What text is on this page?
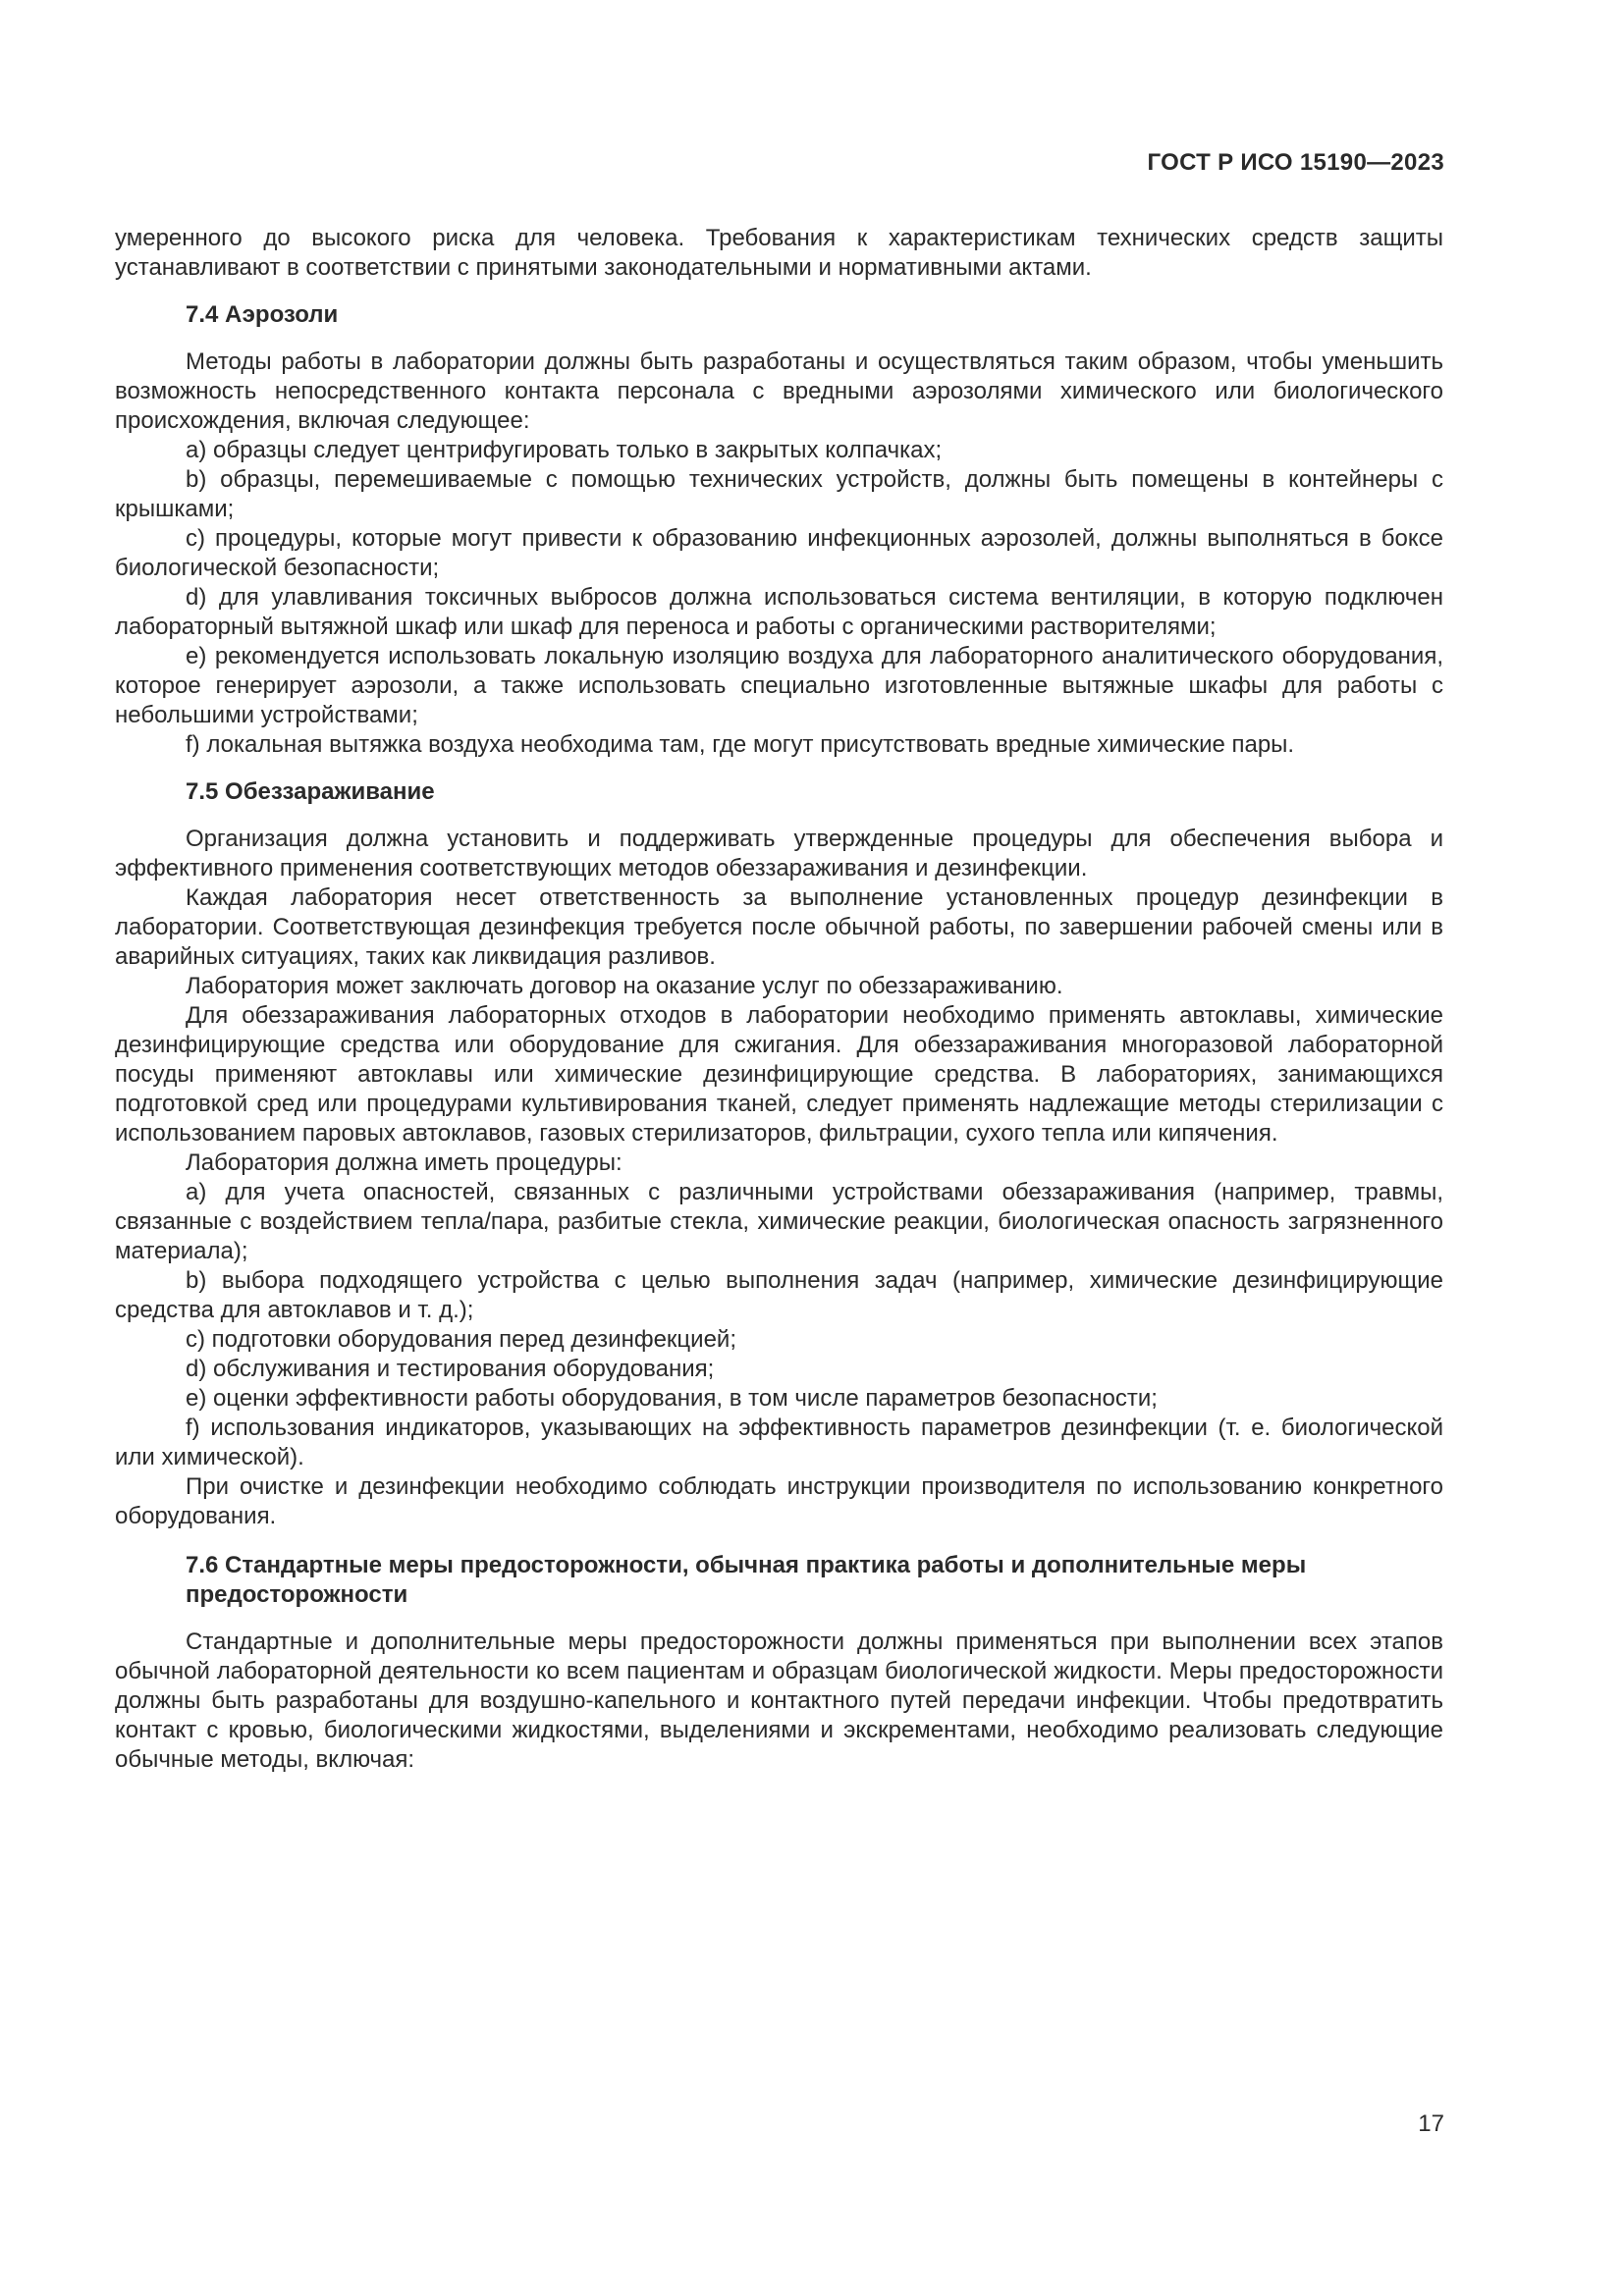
ГОСТ Р ИСО 15190—2023

умеренного до высокого риска для человека. Требования к характеристикам технических средств защиты устанавливают в соответствии с принятыми законодательными и нормативными актами.

7.4 Аэрозоли

Методы работы в лаборатории должны быть разработаны и осуществляться таким образом, чтобы уменьшить возможность непосредственного контакта персонала с вредными аэрозолями химического или биологического происхождения, включая следующее:

a) образцы следует центрифугировать только в закрытых колпачках;

b) образцы, перемешиваемые с помощью технических устройств, должны быть помещены в контейнеры с крышками;

c) процедуры, которые могут привести к образованию инфекционных аэрозолей, должны выполняться в боксе биологической безопасности;

d) для улавливания токсичных выбросов должна использоваться система вентиляции, в которую подключен лабораторный вытяжной шкаф или шкаф для переноса и работы с органическими растворителями;

e) рекомендуется использовать локальную изоляцию воздуха для лабораторного аналитического оборудования, которое генерирует аэрозоли, а также использовать специально изготовленные вытяжные шкафы для работы с небольшими устройствами;

f) локальная вытяжка воздуха необходима там, где могут присутствовать вредные химические пары.

7.5 Обеззараживание

Организация должна установить и поддерживать утвержденные процедуры для обеспечения выбора и эффективного применения соответствующих методов обеззараживания и дезинфекции.

Каждая лаборатория несет ответственность за выполнение установленных процедур дезинфекции в лаборатории. Соответствующая дезинфекция требуется после обычной работы, по завершении рабочей смены или в аварийных ситуациях, таких как ликвидация разливов.

Лаборатория может заключать договор на оказание услуг по обеззараживанию.

Для обеззараживания лабораторных отходов в лаборатории необходимо применять автоклавы, химические дезинфицирующие средства или оборудование для сжигания. Для обеззараживания многоразовой лабораторной посуды применяют автоклавы или химические дезинфицирующие средства. В лабораториях, занимающихся подготовкой сред или процедурами культивирования тканей, следует применять надлежащие методы стерилизации с использованием паровых автоклавов, газовых стерилизаторов, фильтрации, сухого тепла или кипячения.

Лаборатория должна иметь процедуры:

a) для учета опасностей, связанных с различными устройствами обеззараживания (например, травмы, связанные с воздействием тепла/пара, разбитые стекла, химические реакции, биологическая опасность загрязненного материала);

b) выбора подходящего устройства с целью выполнения задач (например, химические дезинфицирующие средства для автоклавов и т. д.);

c) подготовки оборудования перед дезинфекцией;

d) обслуживания и тестирования оборудования;

e) оценки эффективности работы оборудования, в том числе параметров безопасности;

f) использования индикаторов, указывающих на эффективность параметров дезинфекции (т. е. биологической или химической).

При очистке и дезинфекции необходимо соблюдать инструкции производителя по использованию конкретного оборудования.

7.6 Стандартные меры предосторожности, обычная практика работы и дополнительные меры предосторожности

Стандартные и дополнительные меры предосторожности должны применяться при выполнении всех этапов обычной лабораторной деятельности ко всем пациентам и образцам биологической жидкости. Меры предосторожности должны быть разработаны для воздушно-капельного и контактного путей передачи инфекции. Чтобы предотвратить контакт с кровью, биологическими жидкостями, выделениями и экскрементами, необходимо реализовать следующие обычные методы, включая:

17
